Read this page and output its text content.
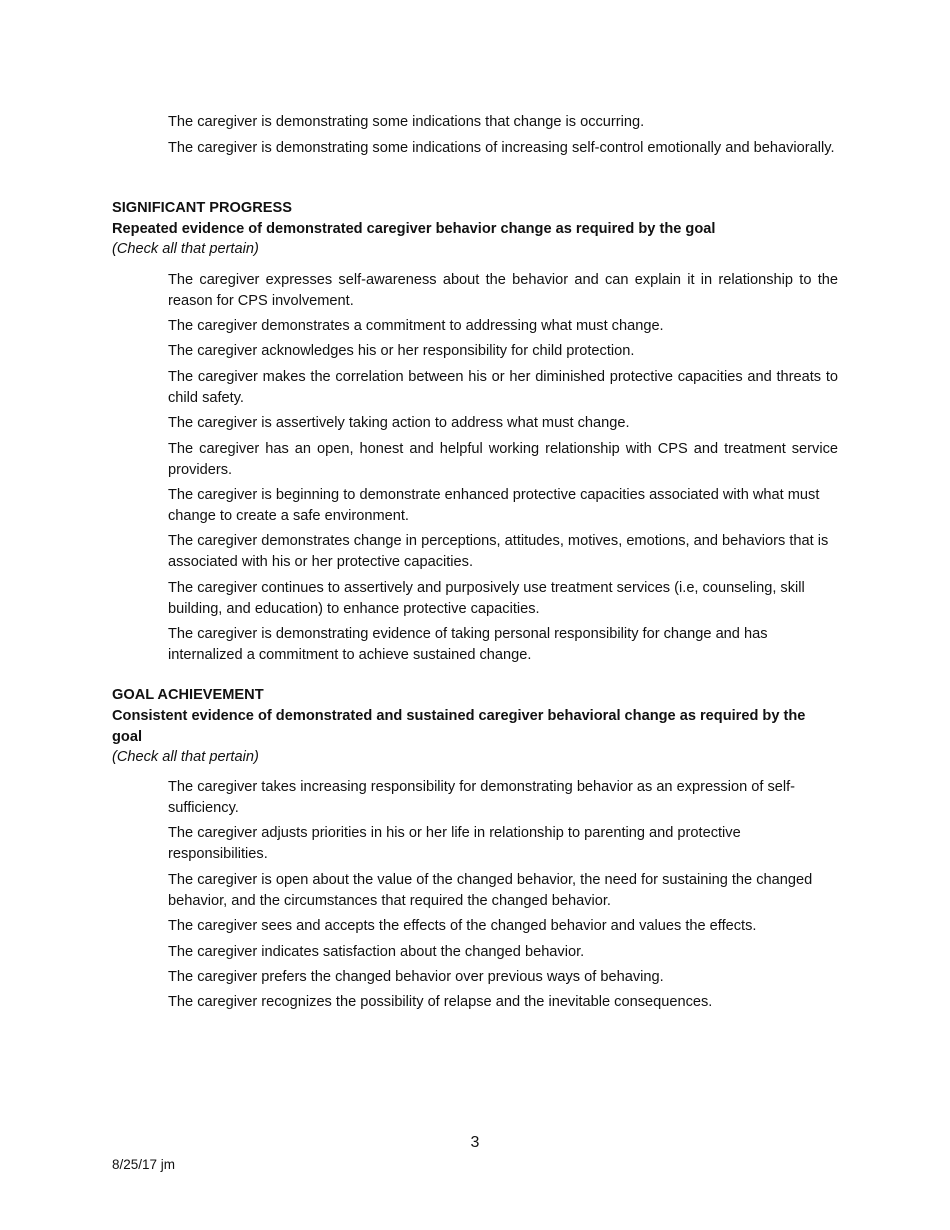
The caregiver is demonstrating some indications that change is occurring.

The caregiver is demonstrating some indications of increasing self-control emotionally and behaviorally.

SIGNIFICANT PROGRESS

Repeated evidence of demonstrated caregiver behavior change as required by the goal

(Check all that pertain)

The caregiver expresses self-awareness about the behavior and can explain it in relationship to the reason for CPS involvement.

The caregiver demonstrates a commitment to addressing what must change.

The caregiver acknowledges his or her responsibility for child protection.

The caregiver makes the correlation between his or her diminished protective capacities and threats to child safety.

The caregiver is assertively taking action to address what must change.

The caregiver has an open, honest and helpful working relationship with CPS and treatment service providers.

The caregiver is beginning to demonstrate enhanced protective capacities associated with what must change to create a safe environment.

The caregiver demonstrates change in perceptions, attitudes, motives, emotions, and behaviors that is associated with his or her protective capacities.

The caregiver continues to assertively and purposively use treatment services (i.e, counseling, skill building, and education) to enhance protective capacities.

The caregiver is demonstrating evidence of taking personal responsibility for change and has internalized a commitment to achieve sustained change.

GOAL ACHIEVEMENT

Consistent evidence of demonstrated and sustained caregiver behavioral change as required by the goal

(Check all that pertain)

The caregiver takes increasing responsibility for demonstrating behavior as an expression of self-sufficiency.

The caregiver adjusts priorities in his or her life in relationship to parenting and protective responsibilities.

The caregiver is open about the value of the changed behavior, the need for sustaining the changed behavior, and the circumstances that required the changed behavior.

The caregiver sees and accepts the effects of the changed behavior and values the effects.

The caregiver indicates satisfaction about the changed behavior.

The caregiver prefers the changed behavior over previous ways of behaving.

The caregiver recognizes the possibility of relapse and the inevitable consequences.

3
8/25/17 jm
